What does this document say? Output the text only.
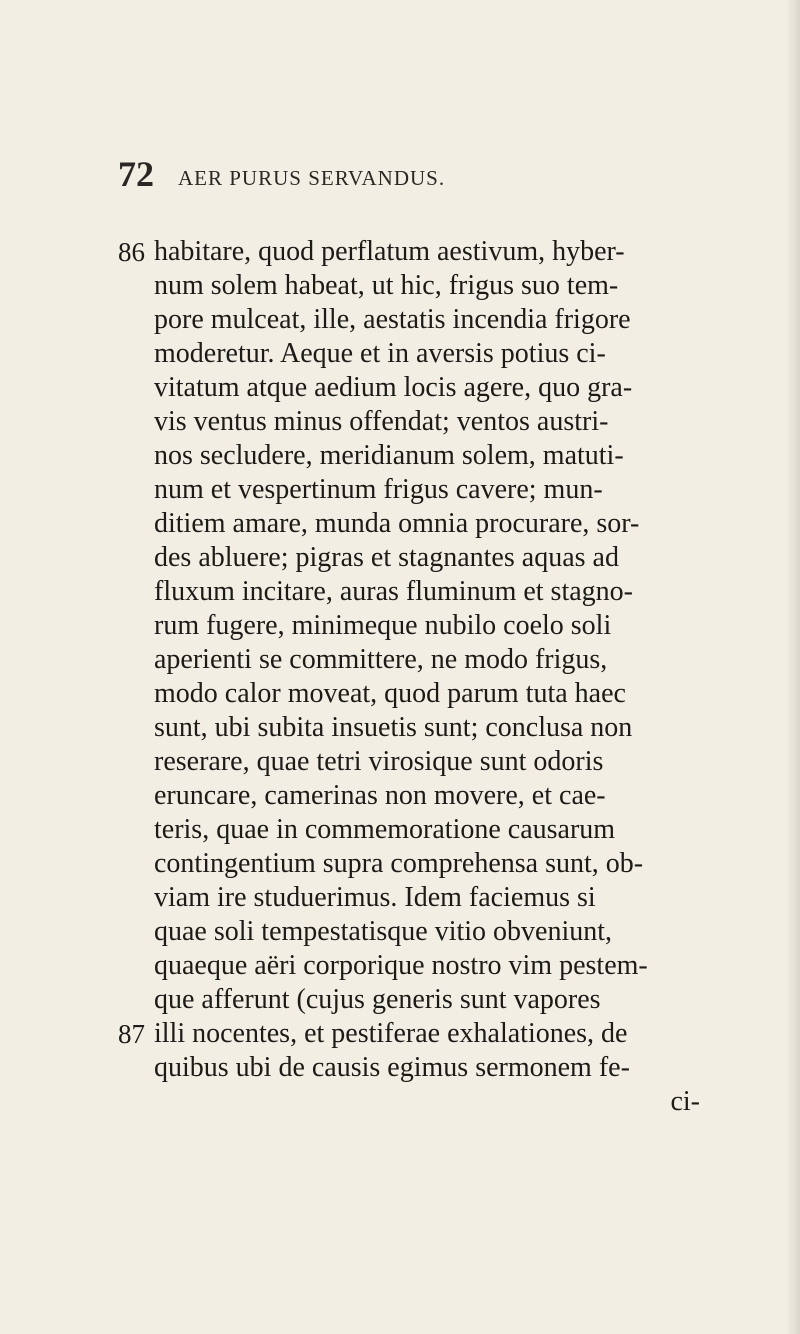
72 AER PURUS SERVANDUS.
86
87
habitare, quod perflatum aestivum, hyber-
num solem habeat, ut hic, frigus suo tem-
pore mulceat, ille, aestatis incendia frigore
moderetur. Aeque et in aversis potius ci-
vitatum atque aedium locis agere, quo gra-
vis ventus minus offendat; ventos austri-
nos secludere, meridianum solem, matuti-
num et vespertinum frigus cavere; mun-
ditiem amare, munda omnia procurare, sor-
des abluere; pigras et stagnantes aquas ad
fluxum incitare, auras fluminum et stagno-
rum fugere, minimeque nubilo coelo soli
aperienti se committere, ne modo frigus,
modo calor moveat, quod parum tuta haec
sunt, ubi subita insuetis sunt; conclusa non
reserare, quae tetri virosique sunt odoris
eruncare, camerinas non movere, et cae-
teris, quae in commemoratione causarum
contingentium supra comprehensa sunt, ob-
viam ire studuerimus. Idem faciemus si
quae soli tempestatisque vitio obveniunt,
quaeque aëri corporique nostro vim pestem-
que afferunt (cujus generis sunt vapores
illi nocentes, et pestiferae exhalationes, de
quibus ubi de causis egimus sermonem fe-
ci-
